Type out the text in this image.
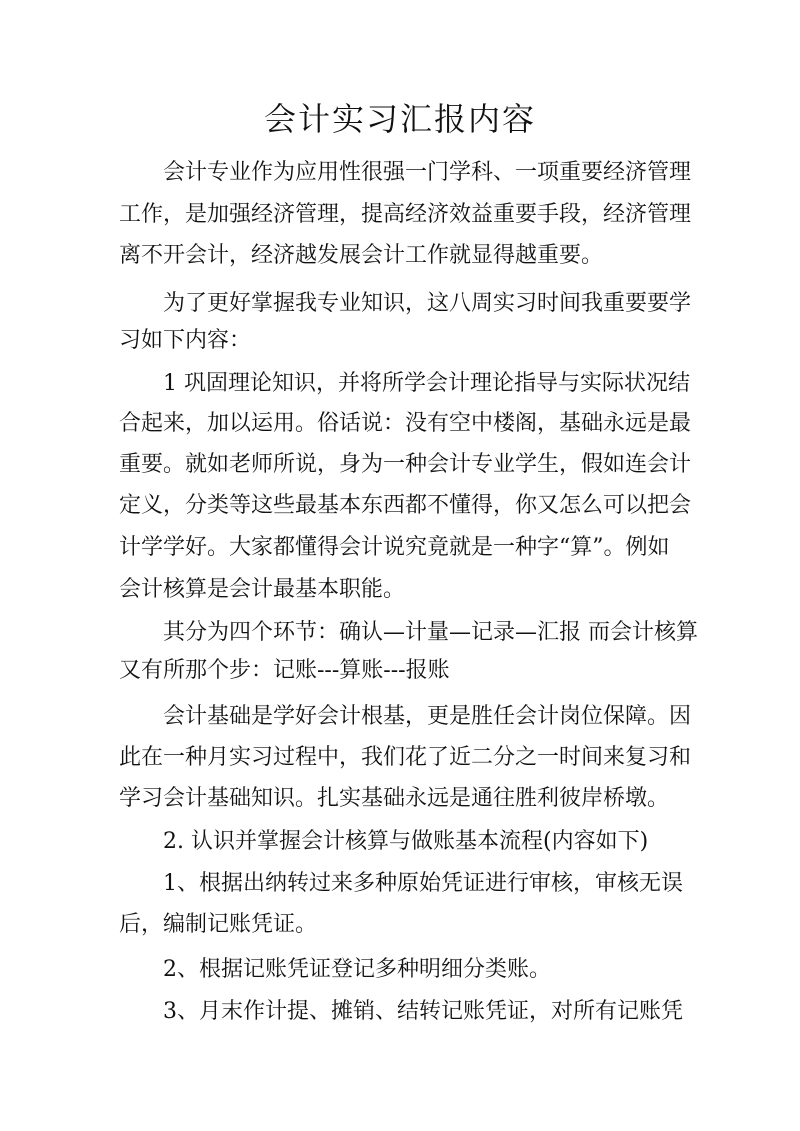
会计实习汇报内容

会计专业作为应用性很强一门学科、一项重要经济管理

工作，是加强经济管理，提高经济效益重要手段，经济管理

离不开会计，经济越发展会计工作就显得越重要。

为了更好掌握我专业知识，这八周实习时间我重要要学

习如下内容：

1 巩固理论知识，并将所学会计理论指导与实际状况结

合起来，加以运用。俗话说：没有空中楼阁，基础永远是最

重要。就如老师所说，身为一种会计专业学生，假如连会计

定义，分类等这些最基本东西都不懂得，你又怎么可以把会

计学学好。大家都懂得会计说究竟就是一种字“算”。例如

会计核算是会计最基本职能。

其分为四个环节：确认—计量—记录—汇报 而会计核算

又有所那个步：记账---算账---报账

会计基础是学好会计根基，更是胜任会计岗位保障。因

此在一种月实习过程中，我们花了近二分之一时间来复习和

学习会计基础知识。扎实基础永远是通往胜利彼岸桥墩。

2. 认识并掌握会计核算与做账基本流程(内容如下)

1、根据出纳转过来多种原始凭证进行审核，审核无误

后，编制记账凭证。

2、根据记账凭证登记多种明细分类账。

3、月末作计提、摊销、结转记账凭证，对所有记账凭
